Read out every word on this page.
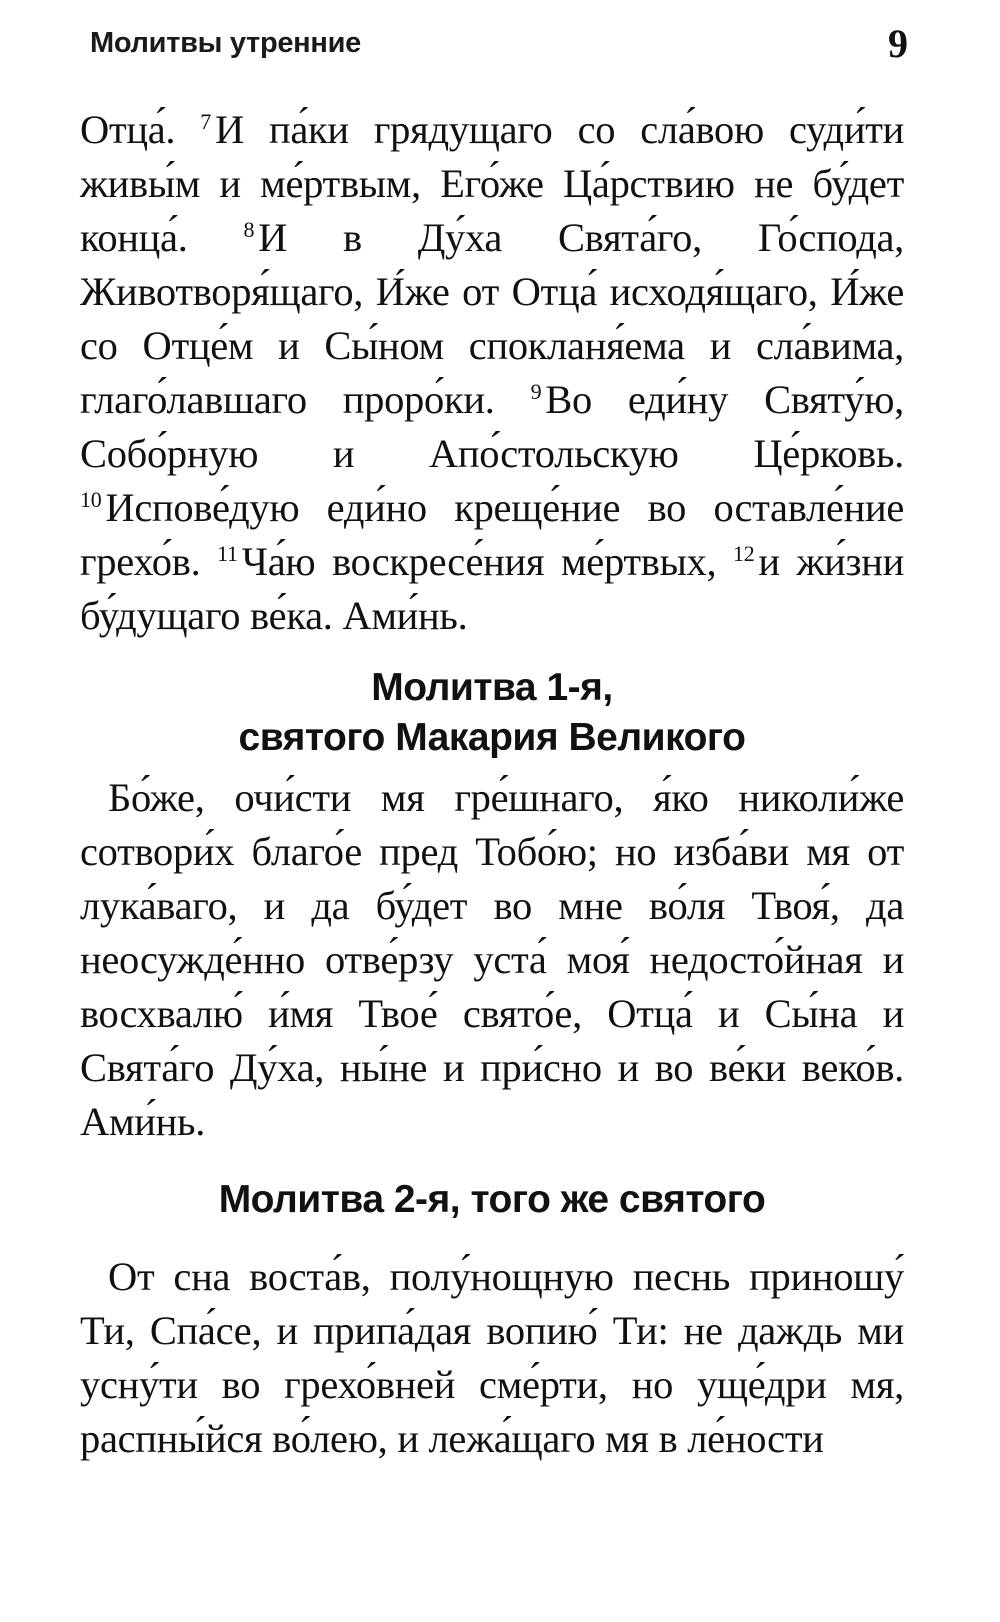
Молитвы утренние	9

Отца́. $^7$И па́ки грядущаго со сла́вою суди́ти живы́м и ме́ртвым, Его́же Ца́рствию не бу́дет конца́.	$^8$И в Ду́ха Свята́го, Го́спода, Животворя́щаго, И́же от Отца́ исходя́щаго, И́же со Отце́м и Сы́ном спокланя́ема и сла́вима, глаго́лавшаго проро́ки. $^9$Во еди́ну Святу́ю, Собо́рную и Апо́стольскую Це́рковь. $^{10}$Испове́дую еди́но креще́ние во оставле́ние грехо́в. $^{11}$Ча́ю воскресе́ния ме́ртвых, $^{12}$и жи́зни бу́дущаго ве́ка. Ами́нь.

Молитва 1-я,
святого Макария Великого

Бо́же, очи́сти мя гре́шнаго, я́ко николи́же сотвори́х благо́е пред Тобо́ю; но изба́ви мя от лука́ваго, и да бу́дет во мне во́ля Твоя́, да неосужде́нно отве́рзу уста́ моя́ недосто́йная и восхвалю́ и́мя Твое́ свято́е, Отца́ и Сы́на и Свята́го Ду́ха, ны́не и при́сно и во ве́ки веко́в. Ами́нь.

Молитва 2-я, того же святого

От сна воста́в, полу́нощную песнь приношу́ Ти, Спа́се, и припа́дая вопию́ Ти: не даждь ми усну́ти во грехо́вней сме́рти, но уще́дри мя, распны́йся во́лею, и лежа́щаго мя в ле́ности
